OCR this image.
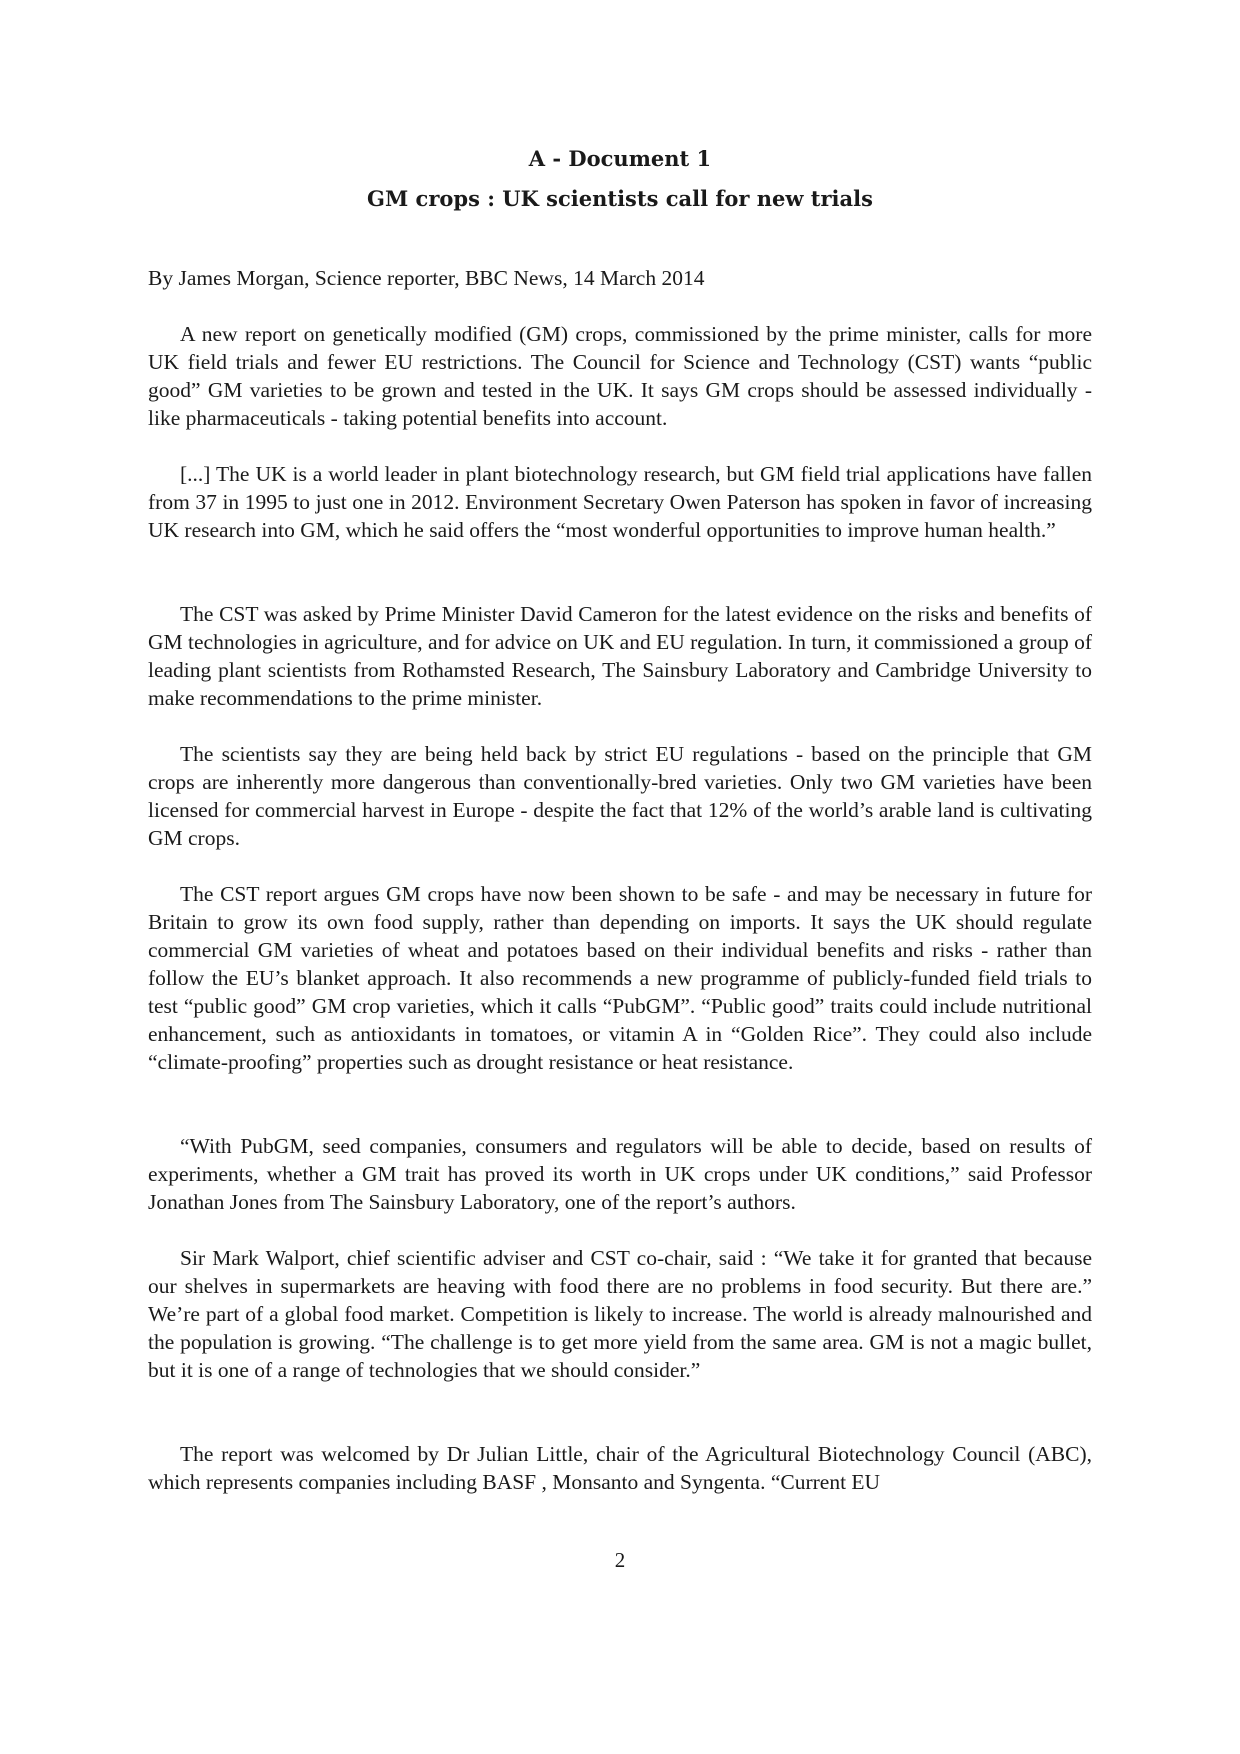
A - Document 1
GM crops : UK scientists call for new trials
By James Morgan, Science reporter, BBC News, 14 March 2014
A new report on genetically modified (GM) crops, commissioned by the prime minister, calls for more UK field trials and fewer EU restrictions. The Council for Science and Technology (CST) wants “public good” GM varieties to be grown and tested in the UK. It says GM crops should be assessed individually - like pharmaceuticals - taking potential benefits into account.
[...] The UK is a world leader in plant biotechnology research, but GM field trial applications have fallen from 37 in 1995 to just one in 2012. Environment Secretary Owen Paterson has spoken in favor of increasing UK research into GM, which he said offers the “most wonderful opportunities to improve human health.”
The CST was asked by Prime Minister David Cameron for the latest evidence on the risks and benefits of GM technologies in agriculture, and for advice on UK and EU regulation. In turn, it commissioned a group of leading plant scientists from Rothamsted Research, The Sainsbury Laboratory and Cambridge University to make recommendations to the prime minister.
The scientists say they are being held back by strict EU regulations - based on the principle that GM crops are inherently more dangerous than conventionally-bred varieties. Only two GM varieties have been licensed for commercial harvest in Europe - despite the fact that 12% of the world’s arable land is cultivating GM crops.
The CST report argues GM crops have now been shown to be safe - and may be necessary in future for Britain to grow its own food supply, rather than depending on imports. It says the UK should regulate commercial GM varieties of wheat and potatoes based on their individual benefits and risks - rather than follow the EU’s blanket approach. It also recommends a new programme of publicly-funded field trials to test “public good” GM crop varieties, which it calls “PubGM”. “Public good” traits could include nutritional enhancement, such as antioxidants in tomatoes, or vitamin A in “Golden Rice”. They could also include “climate-proofing” properties such as drought resistance or heat resistance.
“With PubGM, seed companies, consumers and regulators will be able to decide, based on results of experiments, whether a GM trait has proved its worth in UK crops under UK conditions,” said Professor Jonathan Jones from The Sainsbury Laboratory, one of the report’s authors.
Sir Mark Walport, chief scientific adviser and CST co-chair, said : “We take it for granted that because our shelves in supermarkets are heaving with food there are no problems in food security. But there are.” We’re part of a global food market. Competition is likely to increase. The world is already malnourished and the population is growing. “The challenge is to get more yield from the same area. GM is not a magic bullet, but it is one of a range of technologies that we should consider.”
The report was welcomed by Dr Julian Little, chair of the Agricultural Biotechnology Council (ABC), which represents companies including BASF , Monsanto and Syngenta. “Current EU
2
